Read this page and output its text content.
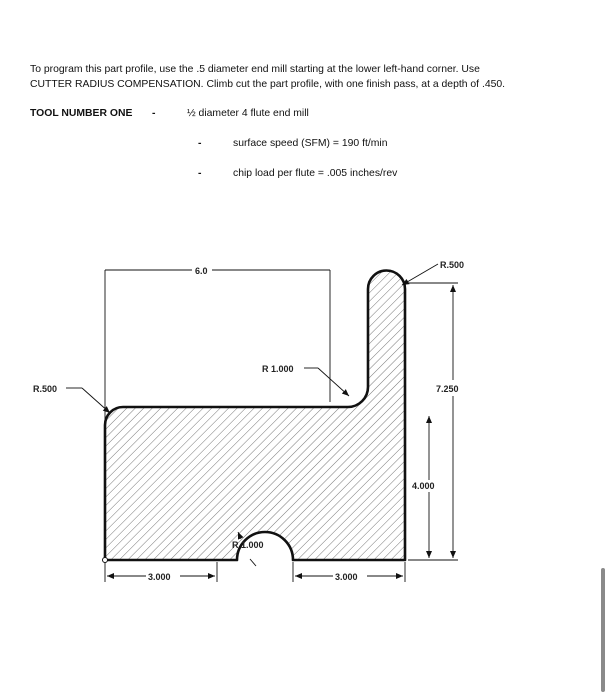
To program this part profile, use the .5 diameter end mill starting at the lower left-hand corner. Use
CUTTER RADIUS COMPENSATION. Climb cut the part profile, with one finish pass, at a depth of .450.

TOOL NUMBER ONE -	½ diameter 4 flute end mill
-	surface speed (SFM) = 190 ft/min
-	chip load per flute = .005 inches/rev
6.0
R.500
7.250
4.000
R 1.000
R.500
R 1.000
3.000	3.000
